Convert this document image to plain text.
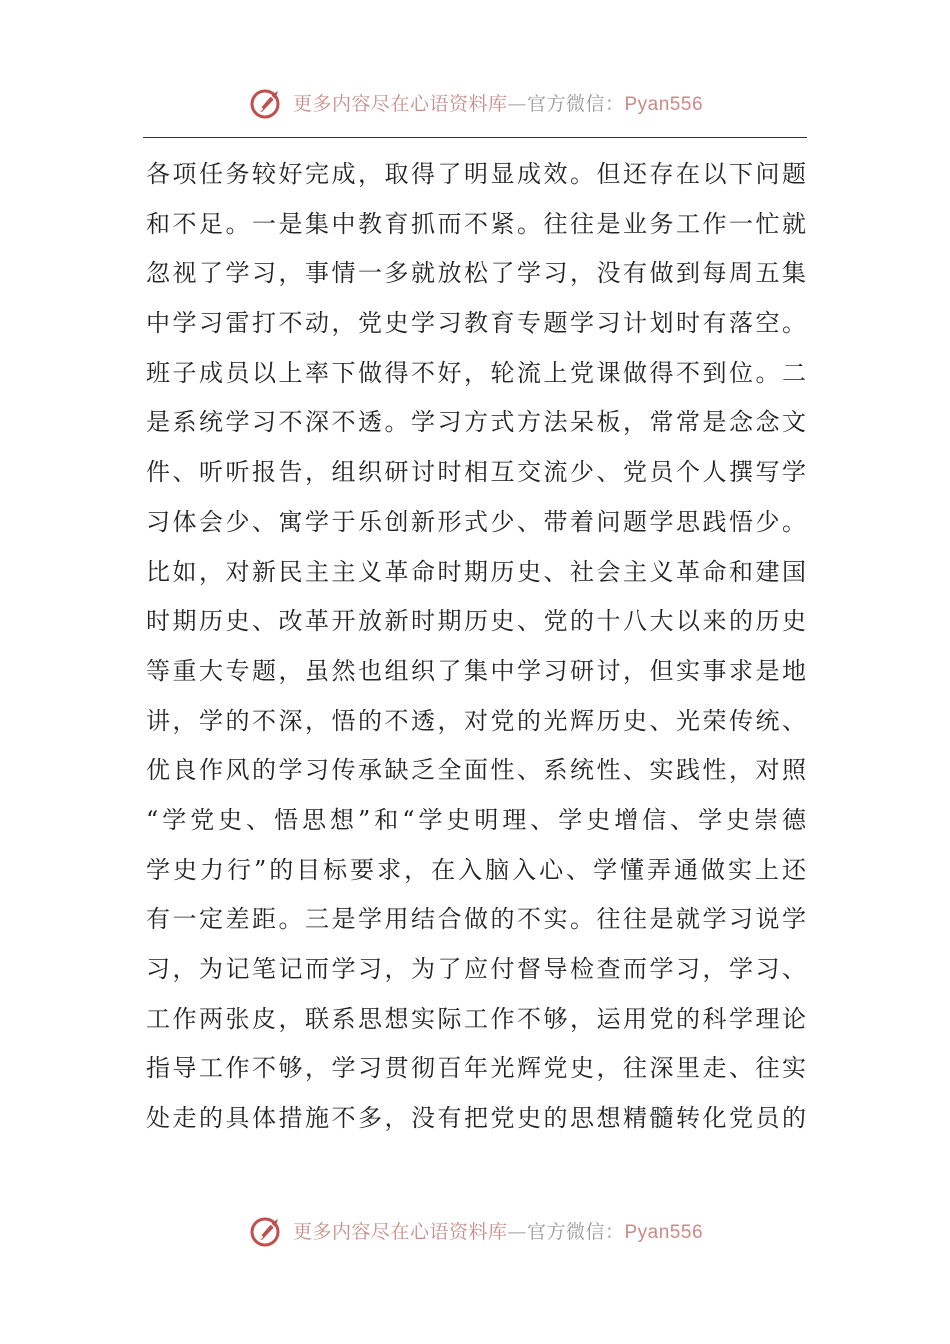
更多内容尽在心语资料库—官方微信：Pyan556
各项任务较好完成，取得了明显成效。但还存在以下问题
和不足。一是集中教育抓而不紧。往往是业务工作一忙就
忽视了学习，事情一多就放松了学习，没有做到每周五集
中学习雷打不动，党史学习教育专题学习计划时有落空。
班子成员以上率下做得不好，轮流上党课做得不到位。二
是系统学习不深不透。学习方式方法呆板，常常是念念文
件、听听报告，组织研讨时相互交流少、党员个人撰写学
习体会少、寓学于乐创新形式少、带着问题学思践悟少。
比如，对新民主主义革命时期历史、社会主义革命和建国
时期历史、改革开放新时期历史、党的十八大以来的历史
等重大专题，虽然也组织了集中学习研讨，但实事求是地
讲，学的不深，悟的不透，对党的光辉历史、光荣传统、
优良作风的学习传承缺乏全面性、系统性、实践性，对照
“学党史、悟思想”和“学史明理、学史增信、学史崇德
学史力行”的目标要求，在入脑入心、学懂弄通做实上还
有一定差距。三是学用结合做的不实。往往是就学习说学
习，为记笔记而学习，为了应付督导检查而学习，学习、
工作两张皮，联系思想实际工作不够，运用党的科学理论
指导工作不够，学习贯彻百年光辉党史，往深里走、往实
处走的具体措施不多，没有把党史的思想精髓转化党员的
更多内容尽在心语资料库—官方微信：Pyan556
